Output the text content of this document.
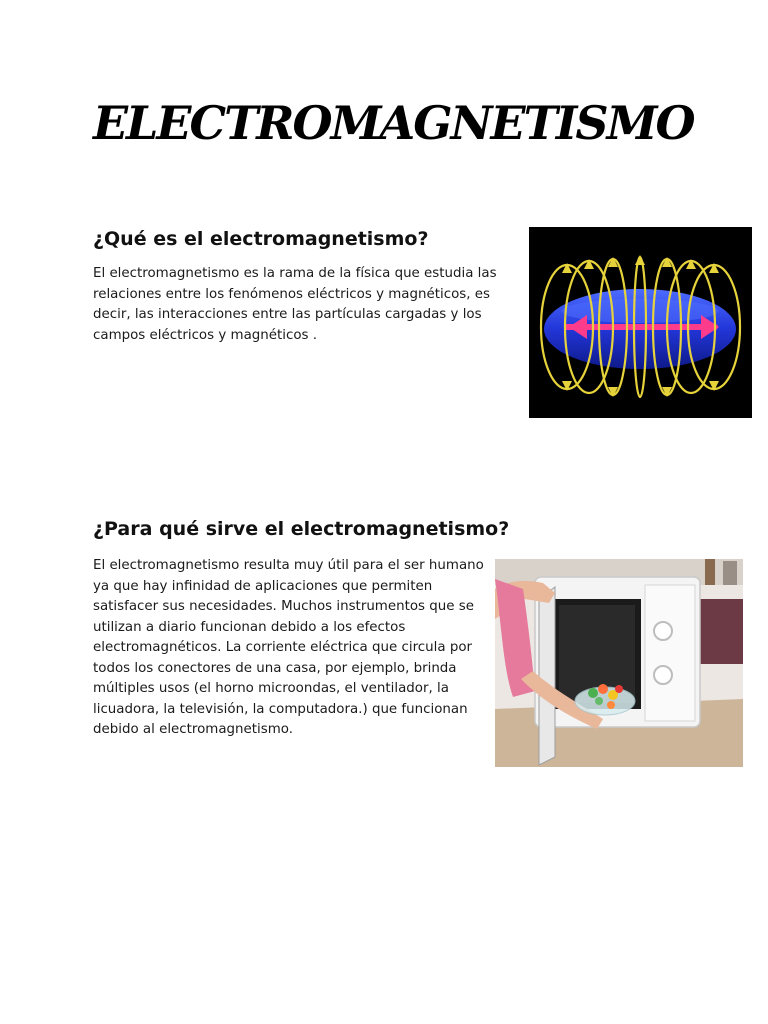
ELECTROMAGNETISMO
¿Qué es el electromagnetismo?

El electromagnetismo es la rama de la física que estudia las relaciones entre los fenómenos eléctricos y magnéticos, es decir, las interacciones entre las partículas cargadas y los campos eléctricos y magnéticos .

¿Para qué sirve el electromagnetismo?

El electromagnetismo resulta muy útil para el ser humano ya que hay infinidad de aplicaciones que permiten satisfacer sus necesidades. Muchos instrumentos que se utilizan a diario funcionan debido a los efectos electromagnéticos. La corriente eléctrica que circula por todos los conectores de una casa, por ejemplo, brinda múltiples usos (el horno microondas, el ventilador, la licuadora, la televisión, la computadora.) que funcionan debido al electromagnetismo.
